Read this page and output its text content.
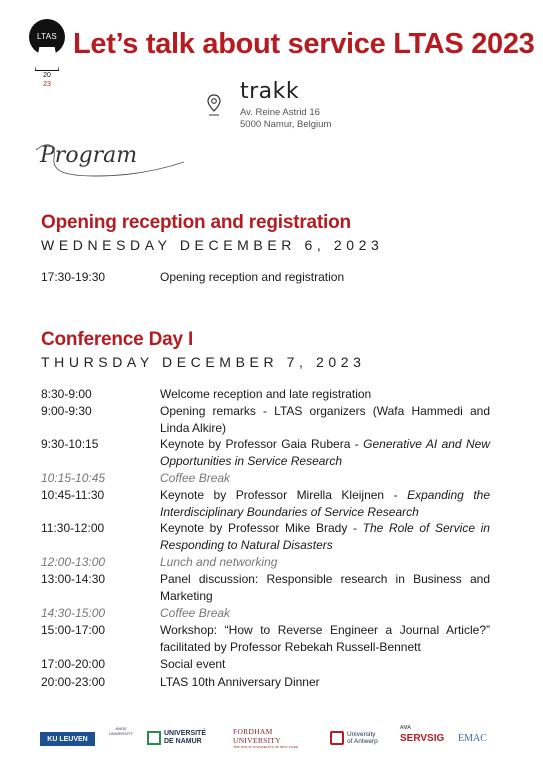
LTAS
20
23
Let’s talk about service LTAS 2023
trakk
Av. Reine Astrid 16
5000 Namur, Belgium
Program
Opening reception and registration
WEDNESDAY DECEMBER 6, 2023
17:30-19:30	Opening reception and registration
Conference Day I
THURSDAY DECEMBER 7, 2023
8:30-9:00	Welcome reception and late registration
9:00-9:30	Opening remarks - LTAS organizers (Wafa Hammedi and Linda Alkire)
9:30-10:15	Keynote by Professor Gaia Rubera - Generative AI and New Opportunities in Service Research
10:15-10:45	Coffee Break
10:45-11:30	Keynote by Professor Mirella Kleijnen - Expanding the Interdisciplinary Boundaries of Service Research
11:30-12:00	Keynote by Professor Mike Brady - The Role of Service in Responding to Natural Disasters
12:00-13:00	Lunch and networking
13:00-14:30	Panel discussion: Responsible research in Business and Marketing
14:30-15:00	Coffee Break
15:00-17:00	Workshop: “How to Reverse Engineer a Journal Article?” facilitated by Professor Rebekah Russell-Bennett
17:00-20:00	Social event
20:00-23:00	LTAS 10th Anniversary Dinner
KU LEUVEN
ANGE
UNIVERSITY	UNIVERSITÉ
DE NAMUR
FORDHAM UNIVERSITY
THE JESUIT UNIVERSITY OF NEW YORK
University
of Antwerp
AMA
SERVSIG EMAC
